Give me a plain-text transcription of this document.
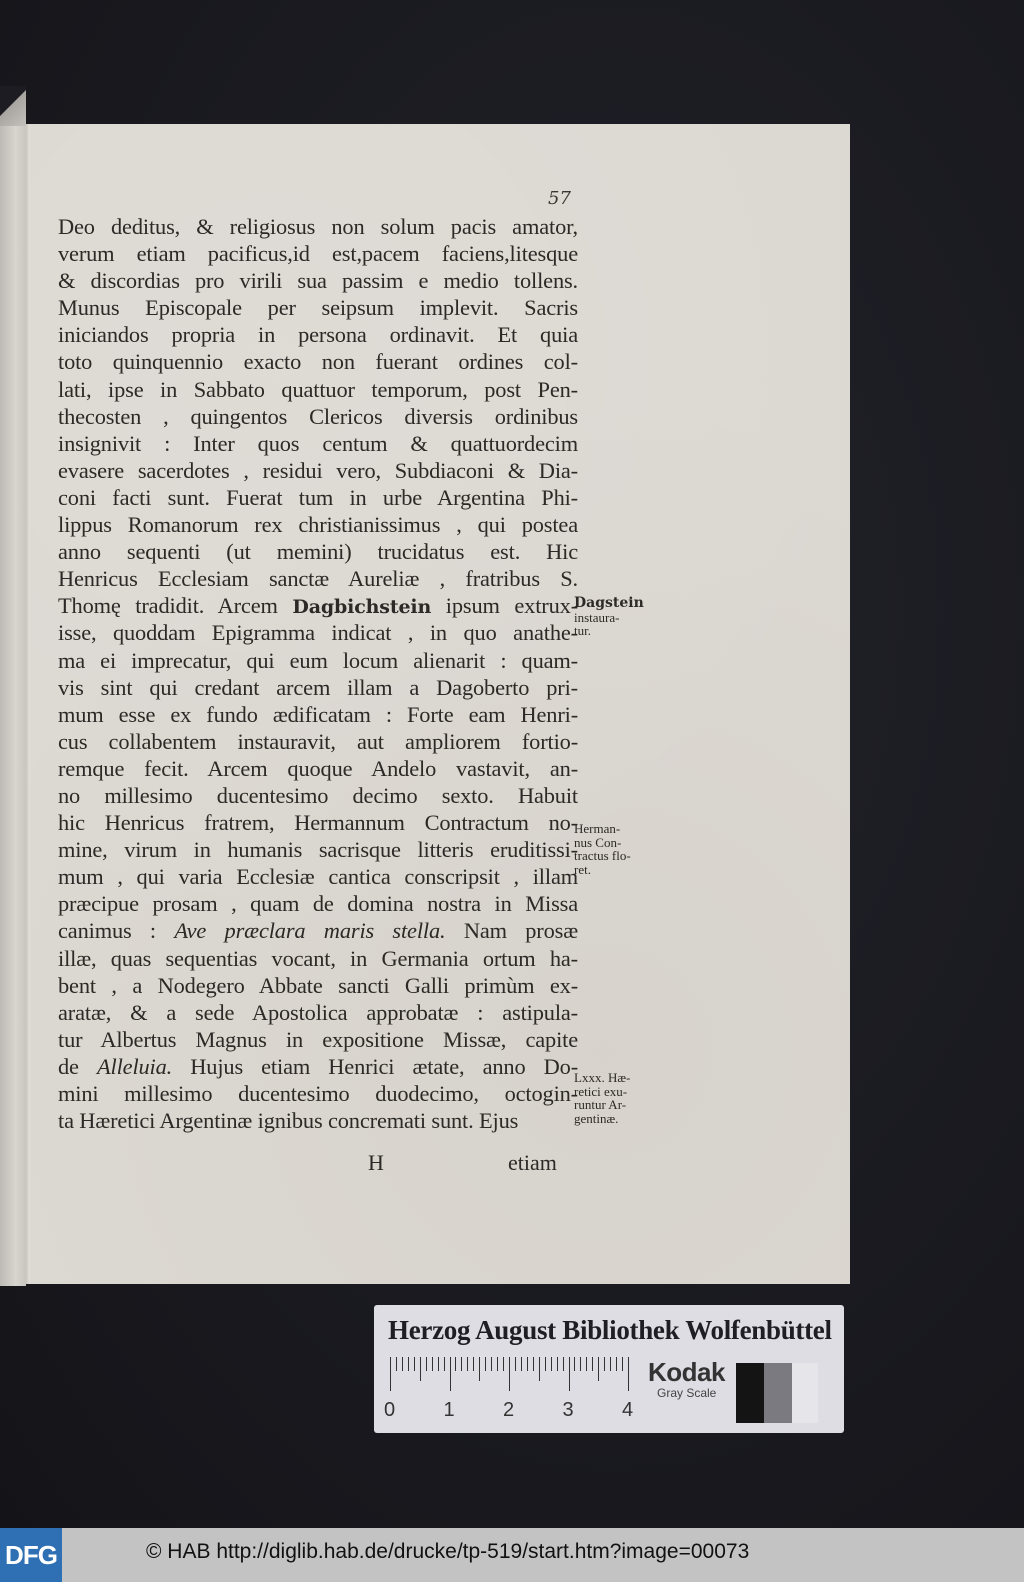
57
Deo deditus, & religiosus non solum pacis amator,
verum etiam pacificus,id est,pacem faciens,litesque
& discordias pro virili sua passim e medio tollens.
Munus Episcopale per seipsum implevit. Sacris
iniciandos propria in persona ordinavit. Et quia
toto quinquennio exacto non fuerant ordines col-
lati, ipse in Sabbato quattuor temporum, post Pen-
thecosten , quingentos Clericos diversis ordinibus
insignivit : Inter quos centum & quattuordecim
evasere sacerdotes , residui vero, Subdiaconi & Dia-
coni facti sunt. Fuerat tum in urbe Argentina Phi-
lippus Romanorum rex christianissimus , qui postea
anno sequenti (ut memini) trucidatus est. Hic
Henricus Ecclesiam sanctæ Aureliæ , fratribus S.
Thomę tradidit. Arcem Dagbichstein ipsum extrux-
isse, quoddam Epigramma indicat , in quo anathe-
ma ei imprecatur, qui eum locum alienarit : quam-
vis sint qui credant arcem illam a Dagoberto pri-
mum esse ex fundo ædificatam : Forte eam Henri-
cus collabentem instauravit, aut ampliorem fortio-
remque fecit. Arcem quoque Andelo vastavit, an-
no millesimo ducentesimo decimo sexto. Habuit
hic Henricus fratrem, Hermannum Contractum no-
mine, virum in humanis sacrisque litteris eruditissi-
mum , qui varia Ecclesiæ cantica conscripsit , illam
præcipue prosam , quam de domina nostra in Missa
canimus : Ave præclara maris stella. Nam prosæ
illæ, quas sequentias vocant, in Germania ortum ha-
bent , a Nodegero Abbate sancti Galli primùm ex-
aratæ, & a sede Apostolica approbatæ : astipula-
tur Albertus Magnus in expositione Missæ, capite
de Alleluia. Hujus etiam Henrici ætate, anno Do-
mini millesimo ducentesimo duodecimo, octogin-
ta Hæretici Argentinæ ignibus concremati sunt. Ejus
Dagstein
instaura-
tur.
Herman-
nus Con-
tractus flo-
ret.
Lxxx. Hæ-
retici exu-
runtur Ar-
gentinæ.
H	etiam
Herzog August Bibliothek Wolfenbüttel
0 1 2 3 4
Kodak
Gray Scale
DFG	© HAB http://diglib.hab.de/drucke/tp-519/start.htm?image=00073
